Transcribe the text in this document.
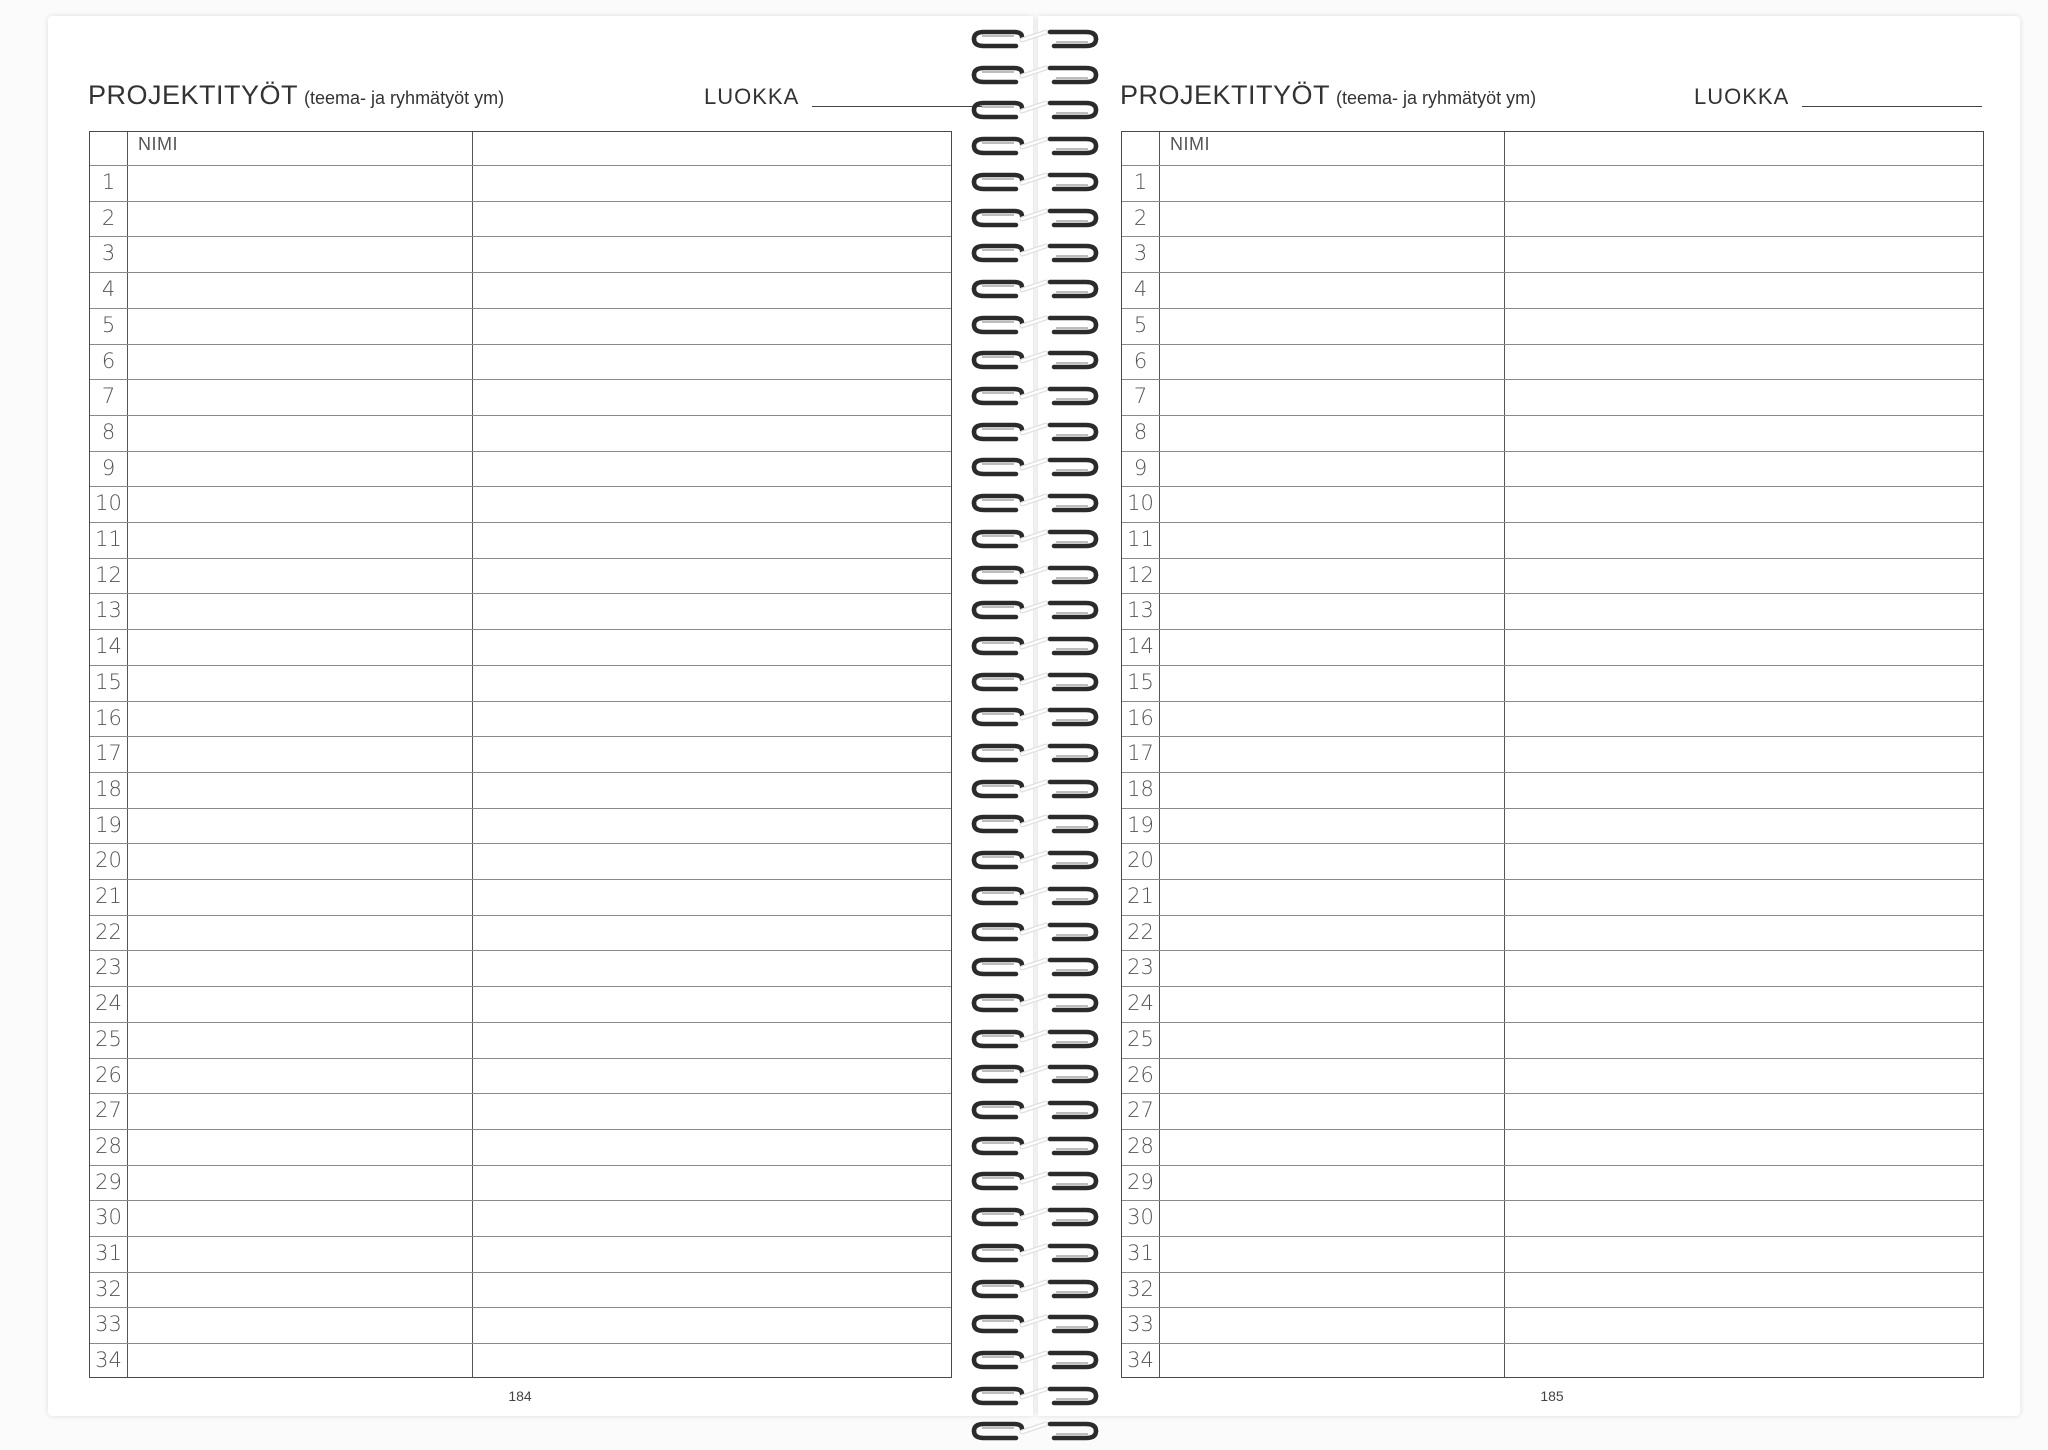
PROJEKTITYÖT (teema- ja ryhmätyöt ym)	LUOKKA
NIMI
1
2
3
4
5
6
7
8
9
10
11
12
13
14
15
16
17
18
19
20
21
22
23
24
25
26
27
28
29
30
31
32
33
34
184
PROJEKTITYÖT (teema- ja ryhmätyöt ym)	LUOKKA
NIMI
1
2
3
4
5
6
7
8
9
10
11
12
13
14
15
16
17
18
19
20
21
22
23
24
25
26
27
28
29
30
31
32
33
34
185
